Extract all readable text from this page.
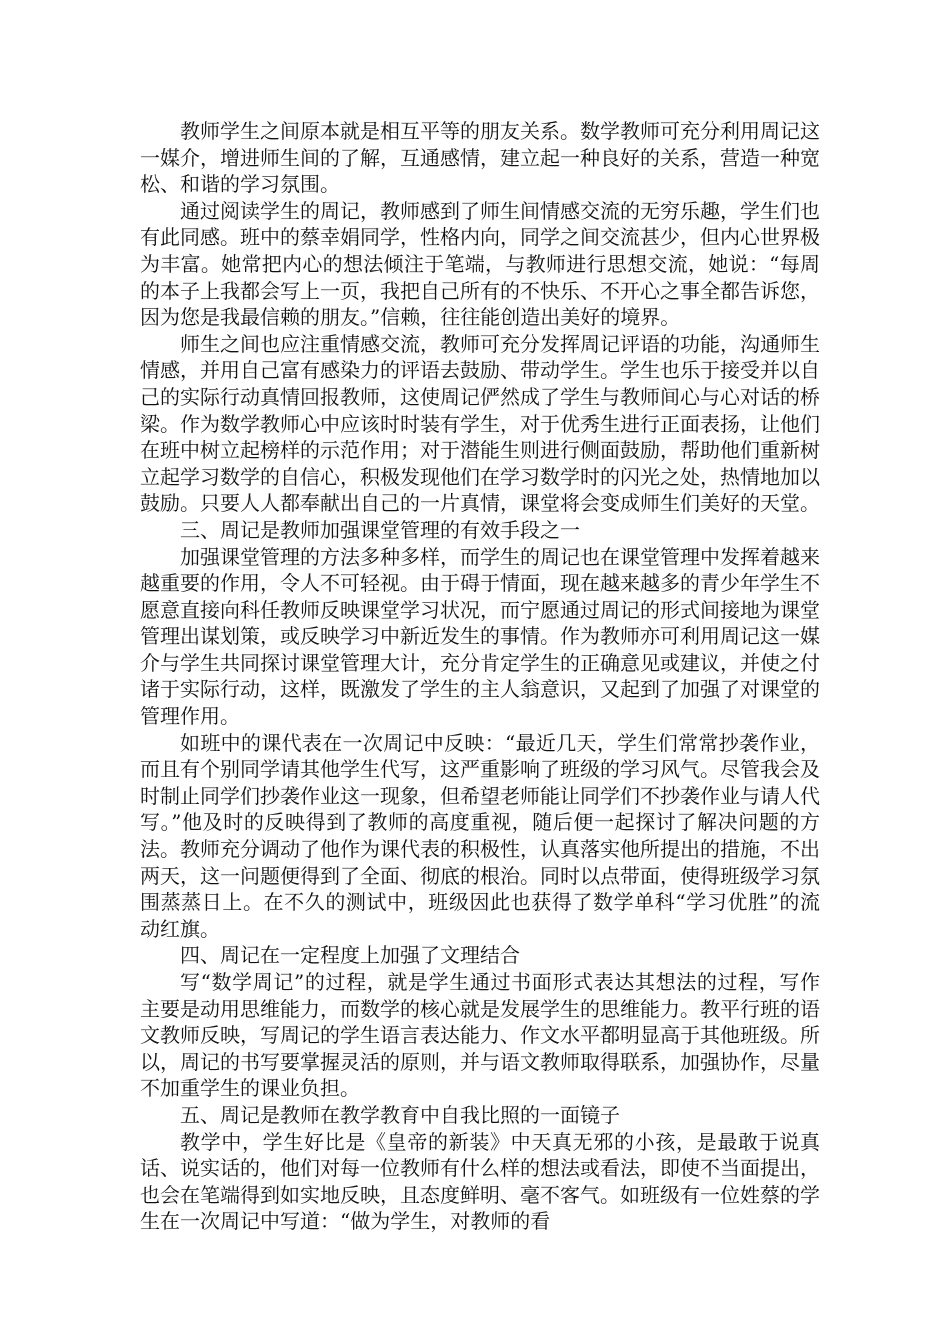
教师学生之间原本就是相互平等的朋友关系。数学教师可充分利用周记这一媒介，增进师生间的了解，互通感情，建立起一种良好的关系，营造一种宽松、和谐的学习氛围。

通过阅读学生的周记，教师感到了师生间情感交流的无穷乐趣，学生们也有此同感。班中的蔡幸娟同学，性格内向，同学之间交流甚少，但内心世界极为丰富。她常把内心的想法倾注于笔端，与教师进行思想交流，她说：“每周的本子上我都会写上一页，我把自己所有的不快乐、不开心之事全都告诉您，因为您是我最信赖的朋友。”信赖，往往能创造出美好的境界。

师生之间也应注重情感交流，教师可充分发挥周记评语的功能，沟通师生情感，并用自己富有感染力的评语去鼓励、带动学生。学生也乐于接受并以自己的实际行动真情回报教师，这使周记俨然成了学生与教师间心与心对话的桥梁。作为数学教师心中应该时时装有学生，对于优秀生进行正面表扬，让他们在班中树立起榜样的示范作用；对于潜能生则进行侧面鼓励，帮助他们重新树立起学习数学的自信心，积极发现他们在学习数学时的闪光之处，热情地加以鼓励。只要人人都奉献出自己的一片真情，课堂将会变成师生们美好的天堂。

三、周记是教师加强课堂管理的有效手段之一

加强课堂管理的方法多种多样，而学生的周记也在课堂管理中发挥着越来越重要的作用，令人不可轻视。由于碍于情面，现在越来越多的青少年学生不愿意直接向科任教师反映课堂学习状况，而宁愿通过周记的形式间接地为课堂管理出谋划策，或反映学习中新近发生的事情。作为教师亦可利用周记这一媒介与学生共同探讨课堂管理大计，充分肯定学生的正确意见或建议，并使之付诸于实际行动，这样，既激发了学生的主人翁意识，又起到了加强了对课堂的管理作用。

如班中的课代表在一次周记中反映：“最近几天，学生们常常抄袭作业，而且有个别同学请其他学生代写，这严重影响了班级的学习风气。尽管我会及时制止同学们抄袭作业这一现象，但希望老师能让同学们不抄袭作业与请人代写。”他及时的反映得到了教师的高度重视，随后便一起探讨了解决问题的方法。教师充分调动了他作为课代表的积极性，认真落实他所提出的措施，不出两天，这一问题便得到了全面、彻底的根治。同时以点带面，使得班级学习氛围蒸蒸日上。在不久的测试中，班级因此也获得了数学单科“学习优胜”的流动红旗。

四、周记在一定程度上加强了文理结合

写“数学周记”的过程，就是学生通过书面形式表达其想法的过程，写作主要是动用思维能力，而数学的核心就是发展学生的思维能力。教平行班的语文教师反映，写周记的学生语言表达能力、作文水平都明显高于其他班级。所以，周记的书写要掌握灵活的原则，并与语文教师取得联系，加强协作，尽量不加重学生的课业负担。

五、周记是教师在教学教育中自我比照的一面镜子

教学中，学生好比是《皇帝的新装》中天真无邪的小孩，是最敢于说真话、说实话的，他们对每一位教师有什么样的想法或看法，即使不当面提出，也会在笔端得到如实地反映，且态度鲜明、毫不客气。如班级有一位姓蔡的学生在一次周记中写道：“做为学生，对教师的看
